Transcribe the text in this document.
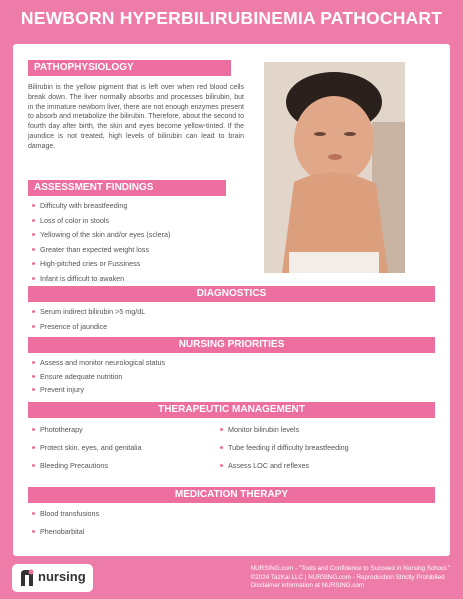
NEWBORN HYPERBILIRUBINEMIA PATHOCHART
PATHOPHYSIOLOGY
Bilirubin is the yellow pigment that is left over when red blood cells break down. The liver normally absorbs and processes bilirubin, but in the immature newborn liver, there are not enough enzymes present to absorb and metabolize the bilirubin. Therefore, about the second to fourth day after birth, the skin and eyes become yellow-tinted. If the jaundice is not treated, high levels of bilirubin can lead to brain damage.
ASSESSMENT FINDINGS
Difficulty with breastfeeding
Loss of color in stools
Yellowing of the skin and/or eyes (sclera)
Greater than expected weight loss
High-pitched cries or Fussiness
Infant is difficult to awaken
DIAGNOSTICS
Serum indirect bilirubin >5 mg/dL
Presence of jaundice
NURSING PRIORITIES
Assess and monitor neurological status
Ensure adequate nutrition
Prevent injury
THERAPEUTIC MANAGEMENT
Phototherapy
Protect skin, eyes, and genitalia
Bleeding Precautions
Monitor bilirubin levels
Tube feeding if difficulty breastfeeding
Assess LOC and reflexes
MEDICATION THERAPY
Blood transfusions
Phenobarbital
nursing
NURSING.com - "Tools and Confidence to Succeed in Nursing School."
©2024 TazKai LLC | NURSING.com - Reproduction Strictly Prohibited
Disclaimer information at NURSING.com
